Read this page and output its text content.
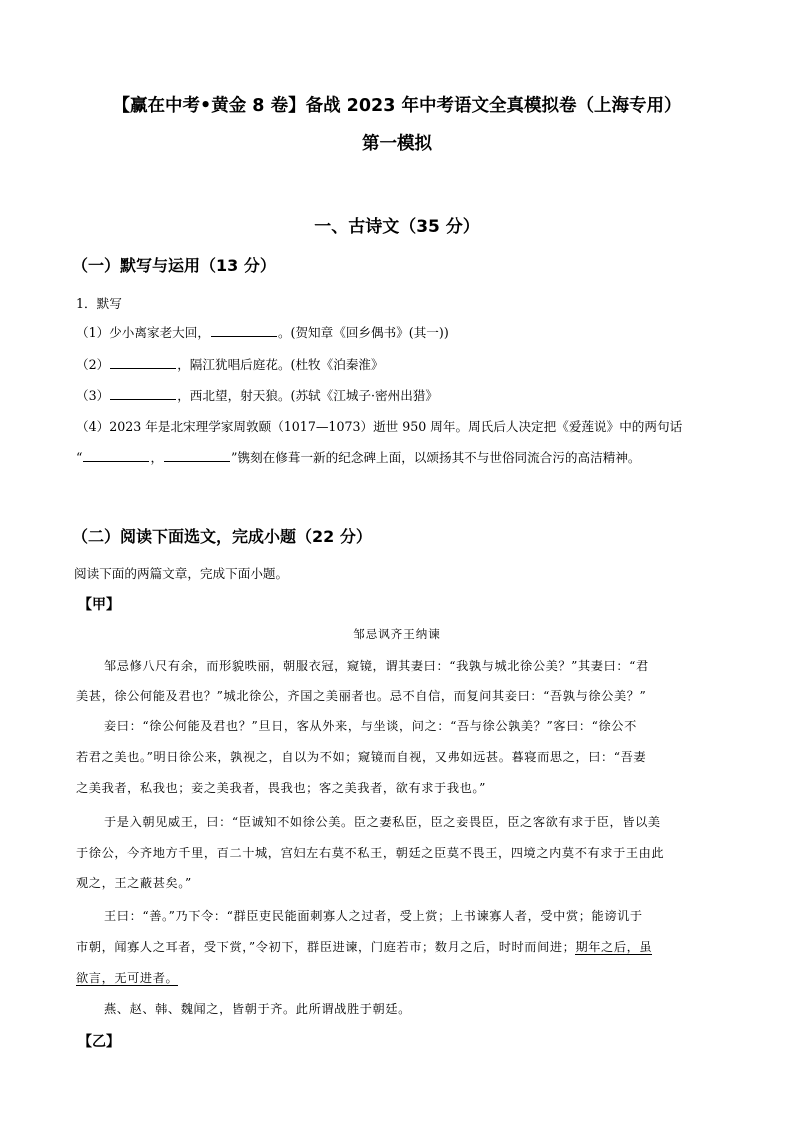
【赢在中考•黄金 8 卷】备战 2023 年中考语文全真模拟卷（上海专用）
第一模拟
一、古诗文（35 分）
（一）默写与运用（13 分）
1．默写
（1）少小离家老大回，	。(贺知章《回乡偶书》(其一))
（2）	，隔江犹唱后庭花。(杜牧《泊秦淮》
（3）	，西北望，射天狼。(苏轼《江城子·密州出猎》
（4）2023 年是北宋理学家周敦颐（1017—1073）逝世 950 周年。周氏后人决定把《爱莲说》中的两句话
“	，	”镌刻在修葺一新的纪念碑上面，以颂扬其不与世俗同流合污的高洁精神。
（二）阅读下面选文，完成小题（22 分）
阅读下面的两篇文章，完成下面小题。
【甲】
邹忌讽齐王纳谏
邹忌修八尺有余，而形貌昳丽，朝服衣冠，窥镜，谓其妻曰：“我孰与城北徐公美？”其妻曰：“君
美甚，徐公何能及君也？”城北徐公，齐国之美丽者也。忌不自信，而复问其妾曰：“吾孰与徐公美？”
妾曰：“徐公何能及君也？”旦日，客从外来，与坐谈，问之：“吾与徐公孰美？”客曰：“徐公不
若君之美也。”明日徐公来，孰视之，自以为不如；窥镜而自视，又弗如远甚。暮寝而思之，曰：“吾妻
之美我者，私我也；妾之美我者，畏我也；客之美我者，欲有求于我也。”
于是入朝见威王，曰：“臣诚知不如徐公美。臣之妻私臣，臣之妾畏臣，臣之客欲有求于臣，皆以美
于徐公，今齐地方千里，百二十城，宫妇左右莫不私王，朝廷之臣莫不畏王，四境之内莫不有求于王由此
观之，王之蔽甚矣。”
王曰：“善。”乃下令：“群臣吏民能面刺寡人之过者，受上赏；上书谏寡人者，受中赏；能谤讥于
市朝，闻寡人之耳者，受下赏，”令初下，群臣进谏，门庭若市；数月之后，时时而间进；期年之后，虽
欲言，无可进者。
燕、赵、韩、魏闻之，皆朝于齐。此所谓战胜于朝廷。
【乙】
